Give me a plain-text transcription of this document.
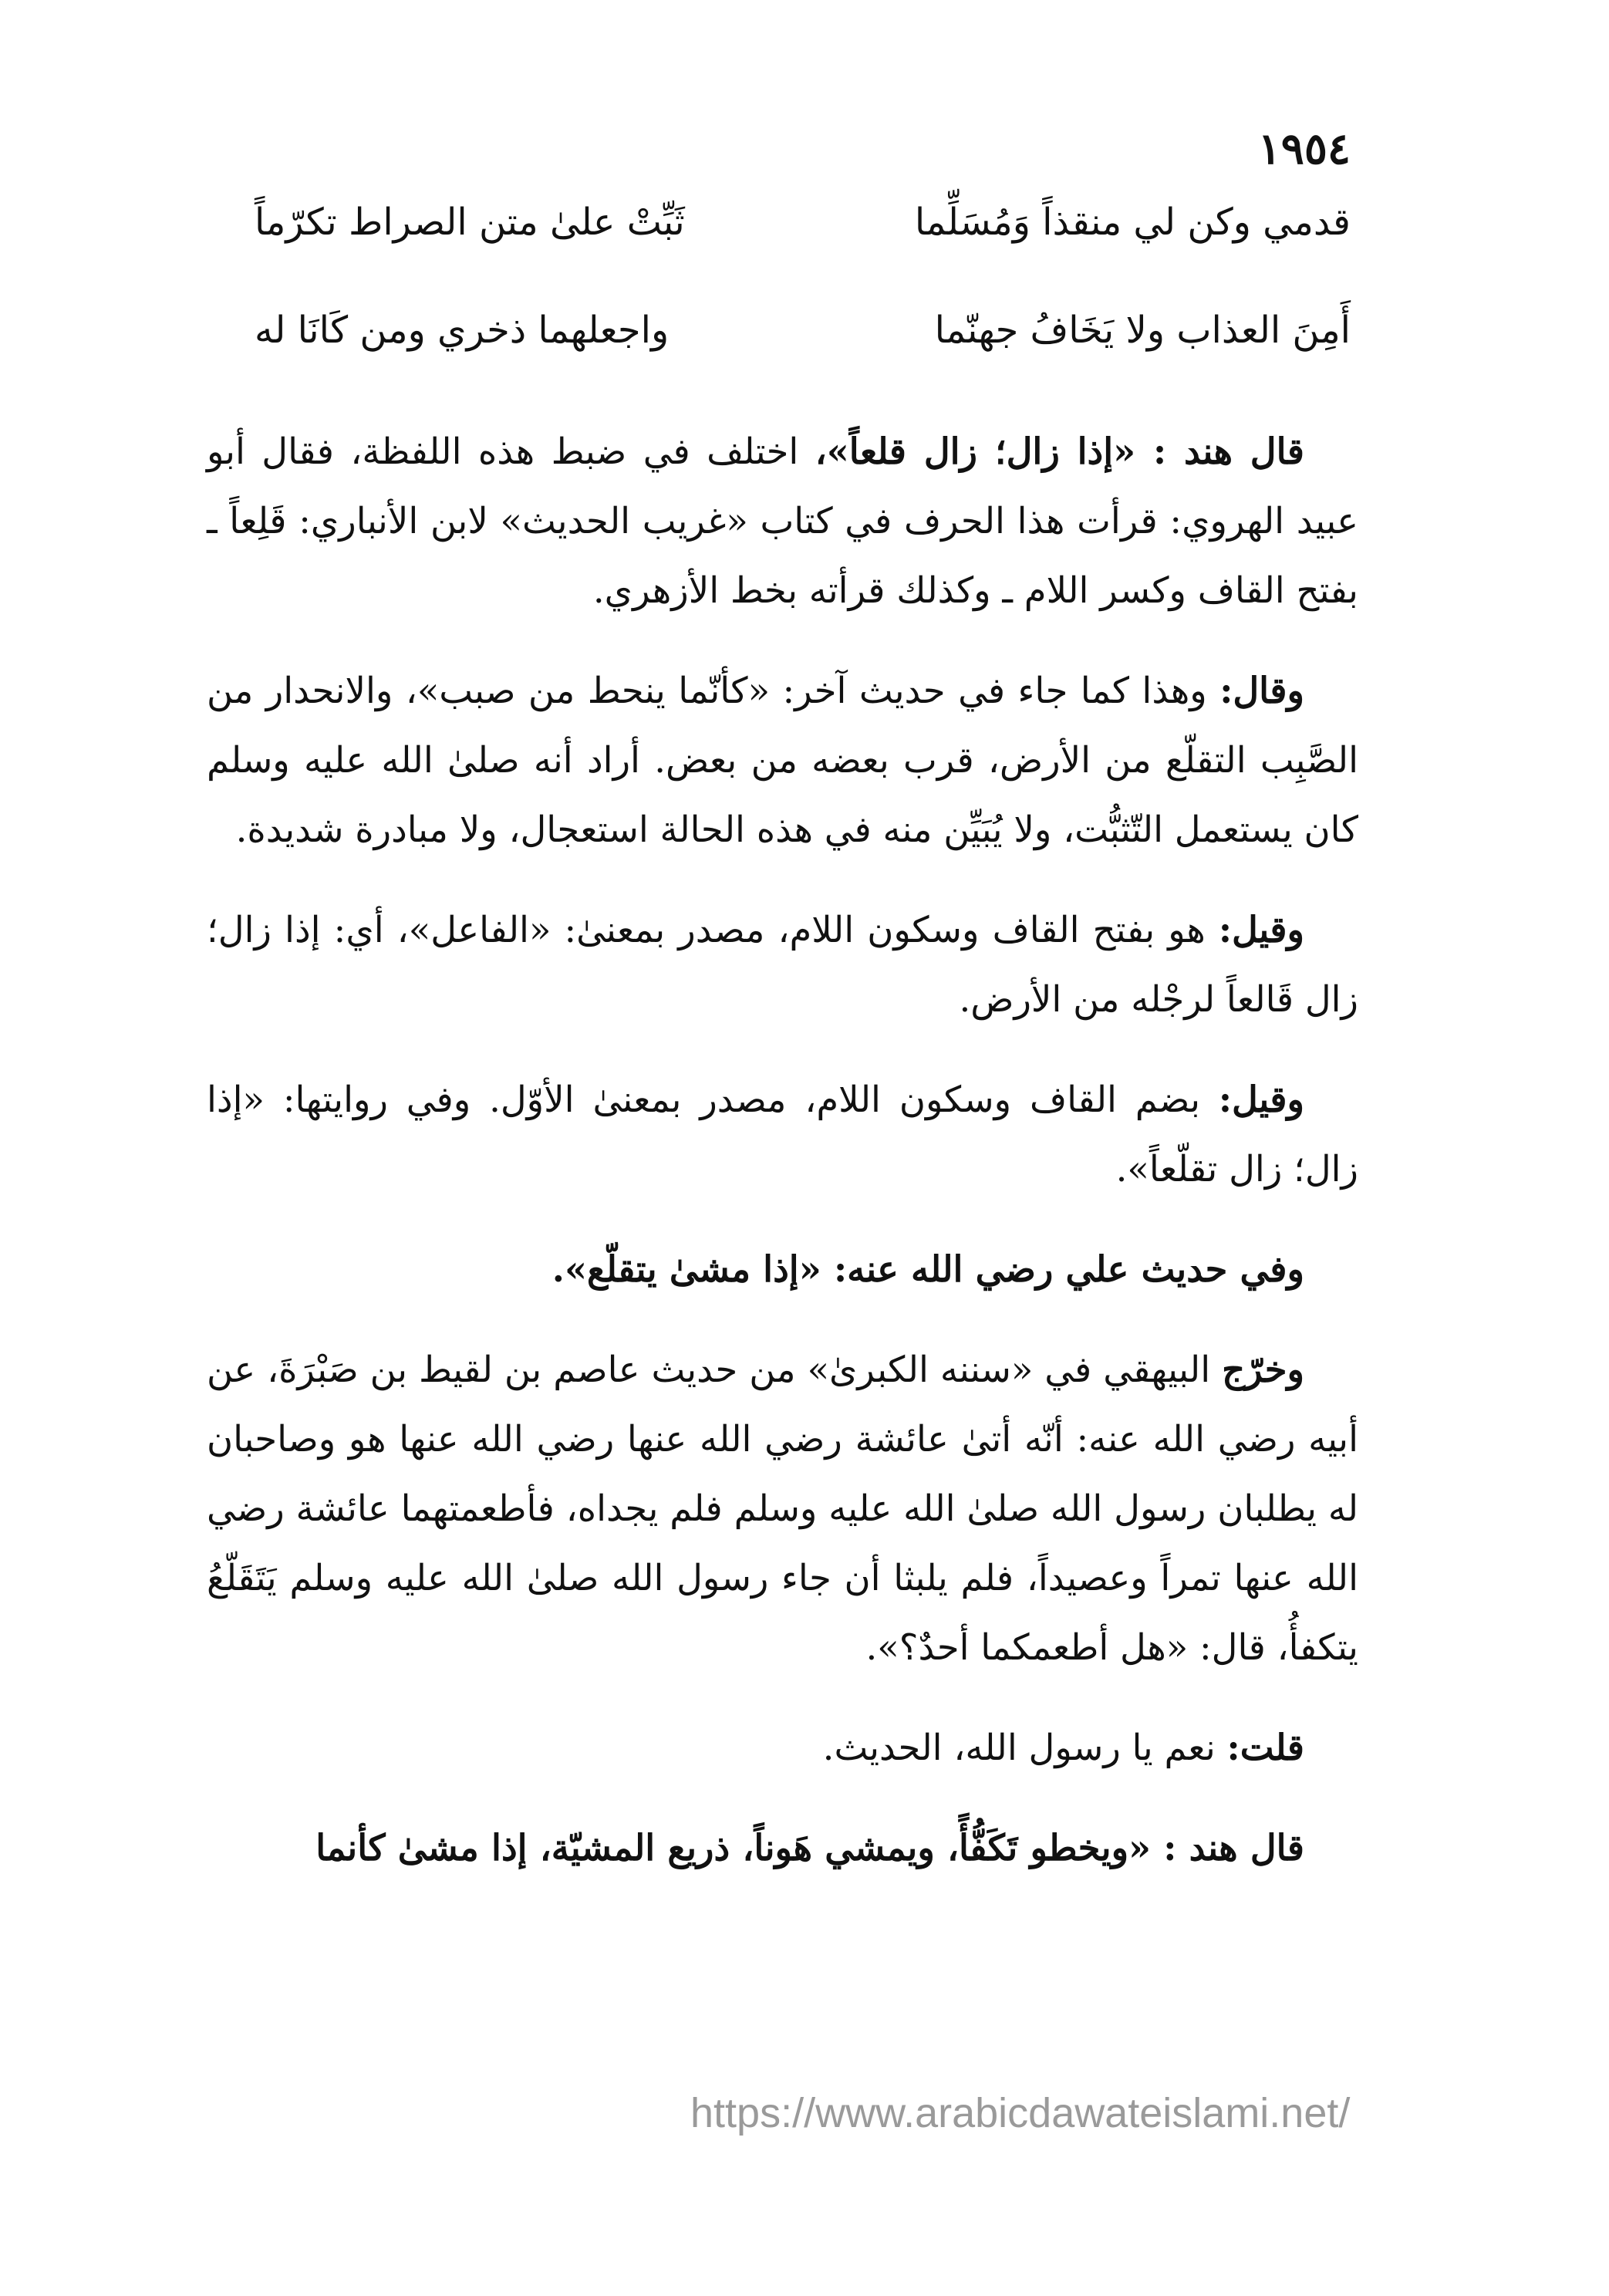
١٩٥٤
ثَبِّتْ علىٰ متن الصراط تكرّماً	قدمي وكن لي منقذاً وَمُسَلِّما
واجعلهما ذخري ومن كَانَا له	أَمِنَ العذاب ولا يَخَافُ جهنّما

قال هند : «إذا زال؛ زال قلعاً»، اختلف في ضبط هذه اللفظة، فقال أبو عبيد الهروي: قرأت هذا الحرف في كتاب «غريب الحديث» لابن الأنباري: قَلِعاً ـ بفتح القاف وكسر اللام ـ وكذلك قرأته بخط الأزهري.

وقال: وهذا كما جاء في حديث آخر: «كأنّما ينحط من صبب»، والانحدار من الصَّبِب التقلّع من الأرض، قرب بعضه من بعض. أراد أنه صلىٰ الله عليه وسلم كان يستعمل التّثبُّت، ولا يُبَيِّن منه في هذه الحالة استعجال، ولا مبادرة شديدة.

وقيل: هو بفتح القاف وسكون اللام، مصدر بمعنىٰ: «الفاعل»، أي: إذا زال؛ زال قَالعاً لرجْله من الأرض.

وقيل: بضم القاف وسكون اللام، مصدر بمعنىٰ الأوّل. وفي روايتها: «إذا زال؛ زال تقلّعاً».

وفي حديث علي رضي الله عنه: «إذا مشىٰ يتقلّع».

وخرّج البيهقي في «سننه الكبرىٰ» من حديث عاصم بن لقيط بن صَبْرَةَ، عن أبيه رضي الله عنه: أنّه أتىٰ عائشة رضي الله عنها رضي الله عنها هو وصاحبان له يطلبان رسول الله صلىٰ الله عليه وسلم فلم يجداه، فأطعمتهما عائشة رضي الله عنها تمراً وعصيداً، فلم يلبثا أن جاء رسول الله صلىٰ الله عليه وسلم يَتَقَلّعُ يتكفأُ، قال: «هل أطعمكما أحدٌ؟».

قلت: نعم يا رسول الله، الحديث.

قال هند : «ويخطو تَكَفُّأً، ويمشي هَوناً، ذريع المشيّة، إذا مشىٰ كأنما

https://www.arabicdawateislami.net/
